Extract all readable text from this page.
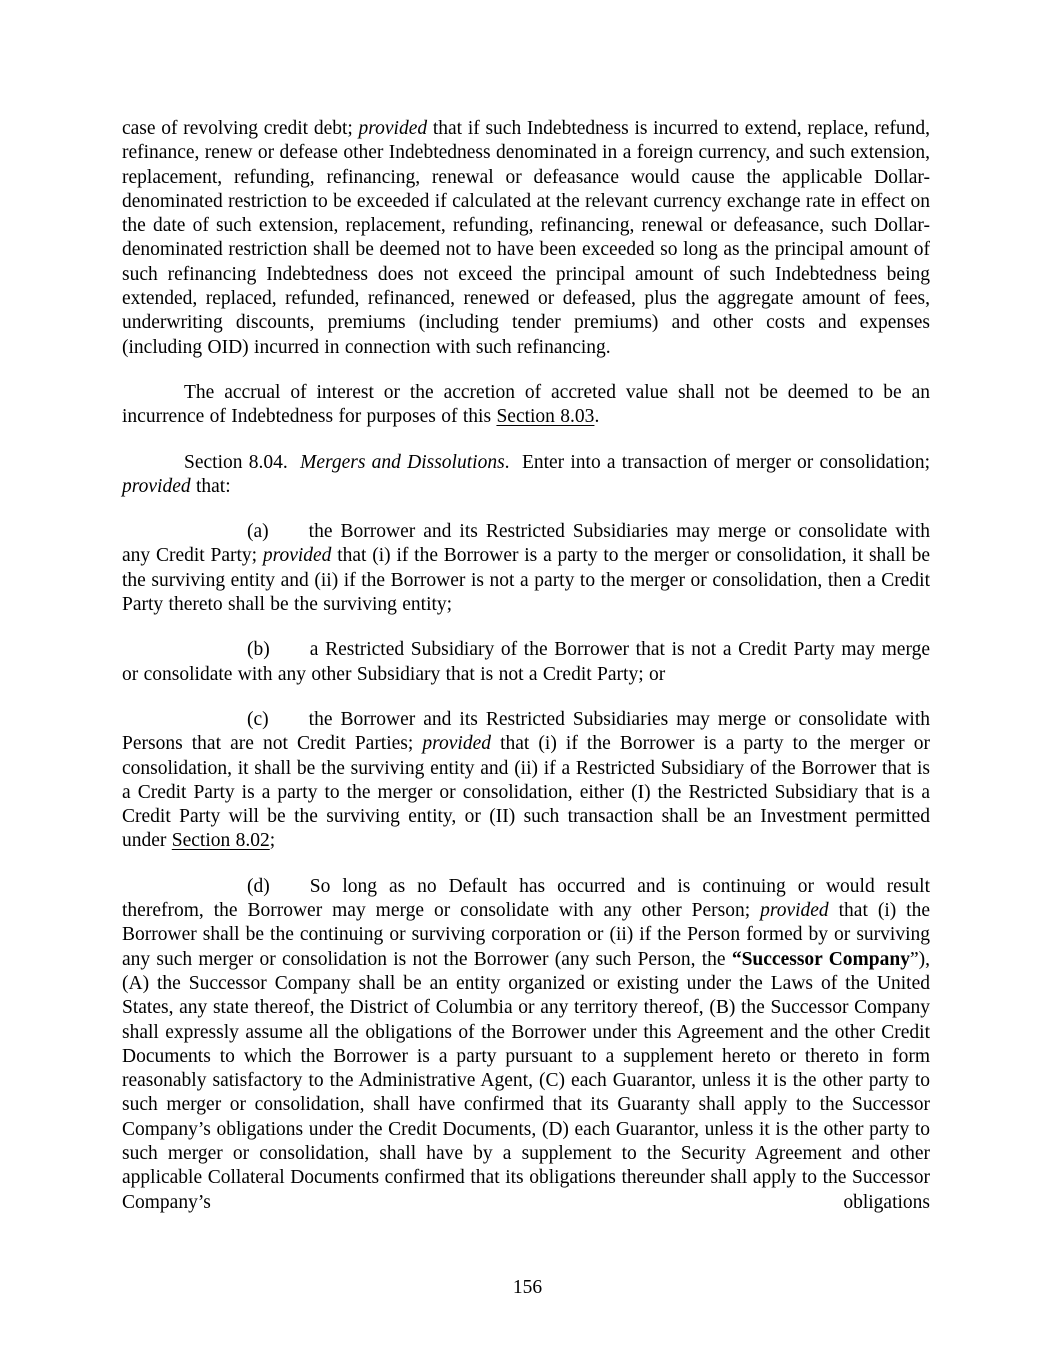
case of revolving credit debt; provided that if such Indebtedness is incurred to extend, replace, refund, refinance, renew or defease other Indebtedness denominated in a foreign currency, and such extension, replacement, refunding, refinancing, renewal or defeasance would cause the applicable Dollar-denominated restriction to be exceeded if calculated at the relevant currency exchange rate in effect on the date of such extension, replacement, refunding, refinancing, renewal or defeasance, such Dollar-denominated restriction shall be deemed not to have been exceeded so long as the principal amount of such refinancing Indebtedness does not exceed the principal amount of such Indebtedness being extended, replaced, refunded, refinanced, renewed or defeased, plus the aggregate amount of fees, underwriting discounts, premiums (including tender premiums) and other costs and expenses (including OID) incurred in connection with such refinancing.

The accrual of interest or the accretion of accreted value shall not be deemed to be an incurrence of Indebtedness for purposes of this Section 8.03.

Section 8.04.  Mergers and Dissolutions.  Enter into a transaction of merger or consolidation; provided that:

(a) the Borrower and its Restricted Subsidiaries may merge or consolidate with any Credit Party; provided that (i) if the Borrower is a party to the merger or consolidation, it shall be the surviving entity and (ii) if the Borrower is not a party to the merger or consolidation, then a Credit Party thereto shall be the surviving entity;

(b) a Restricted Subsidiary of the Borrower that is not a Credit Party may merge or consolidate with any other Subsidiary that is not a Credit Party; or

(c) the Borrower and its Restricted Subsidiaries may merge or consolidate with Persons that are not Credit Parties; provided that (i) if the Borrower is a party to the merger or consolidation, it shall be the surviving entity and (ii) if a Restricted Subsidiary of the Borrower that is a Credit Party is a party to the merger or consolidation, either (I) the Restricted Subsidiary that is a Credit Party will be the surviving entity, or (II) such transaction shall be an Investment permitted under Section 8.02;

(d) So long as no Default has occurred and is continuing or would result therefrom, the Borrower may merge or consolidate with any other Person; provided that (i) the Borrower shall be the continuing or surviving corporation or (ii) if the Person formed by or surviving any such merger or consolidation is not the Borrower (any such Person, the “Successor Company”), (A) the Successor Company shall be an entity organized or existing under the Laws of the United States, any state thereof, the District of Columbia or any territory thereof, (B) the Successor Company shall expressly assume all the obligations of the Borrower under this Agreement and the other Credit Documents to which the Borrower is a party pursuant to a supplement hereto or thereto in form reasonably satisfactory to the Administrative Agent, (C) each Guarantor, unless it is the other party to such merger or consolidation, shall have confirmed that its Guaranty shall apply to the Successor Company’s obligations under the Credit Documents, (D) each Guarantor, unless it is the other party to such merger or consolidation, shall have by a supplement to the Security Agreement and other applicable Collateral Documents confirmed that its obligations thereunder shall apply to the Successor Company’s obligations

156
